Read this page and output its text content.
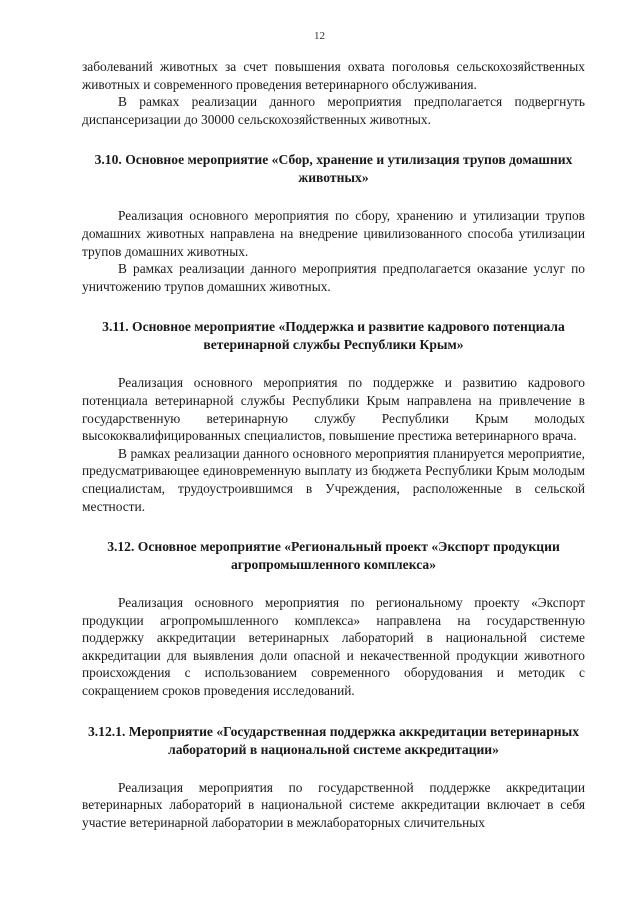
12

заболеваний животных за счет повышения охвата поголовья сельскохозяйственных животных и современного проведения ветеринарного обслуживания.

В рамках реализации данного мероприятия предполагается подвергнуть диспансеризации до 30000 сельскохозяйственных животных.

3.10. Основное мероприятие «Сбор, хранение и утилизация трупов домашних животных»

Реализация основного мероприятия по сбору, хранению и утилизации трупов домашних животных направлена на внедрение цивилизованного способа утилизации трупов домашних животных.

В рамках реализации данного мероприятия предполагается оказание услуг по уничтожению трупов домашних животных.

3.11. Основное мероприятие «Поддержка и развитие кадрового потенциала ветеринарной службы Республики Крым»

Реализация основного мероприятия по поддержке и развитию кадрового потенциала ветеринарной службы Республики Крым направлена на привлечение в государственную ветеринарную службу Республики Крым молодых высококвалифицированных специалистов, повышение престижа ветеринарного врача.

В рамках реализации данного основного мероприятия планируется мероприятие, предусматривающее единовременную выплату из бюджета Республики Крым молодым специалистам, трудоустроившимся в Учреждения, расположенные в сельской местности.

3.12. Основное мероприятие «Региональный проект «Экспорт продукции агропромышленного комплекса»

Реализация основного мероприятия по региональному проекту «Экспорт продукции агропромышленного комплекса» направлена на государственную поддержку аккредитации ветеринарных лабораторий в национальной системе аккредитации для выявления доли опасной и некачественной продукции животного происхождения с использованием современного оборудования и методик с сокращением сроков проведения исследований.

3.12.1. Мероприятие «Государственная поддержка аккредитации ветеринарных лабораторий в национальной системе аккредитации»

Реализация мероприятия по государственной поддержке аккредитации ветеринарных лабораторий в национальной системе аккредитации включает в себя участие ветеринарной лаборатории в межлабораторных сличительных
